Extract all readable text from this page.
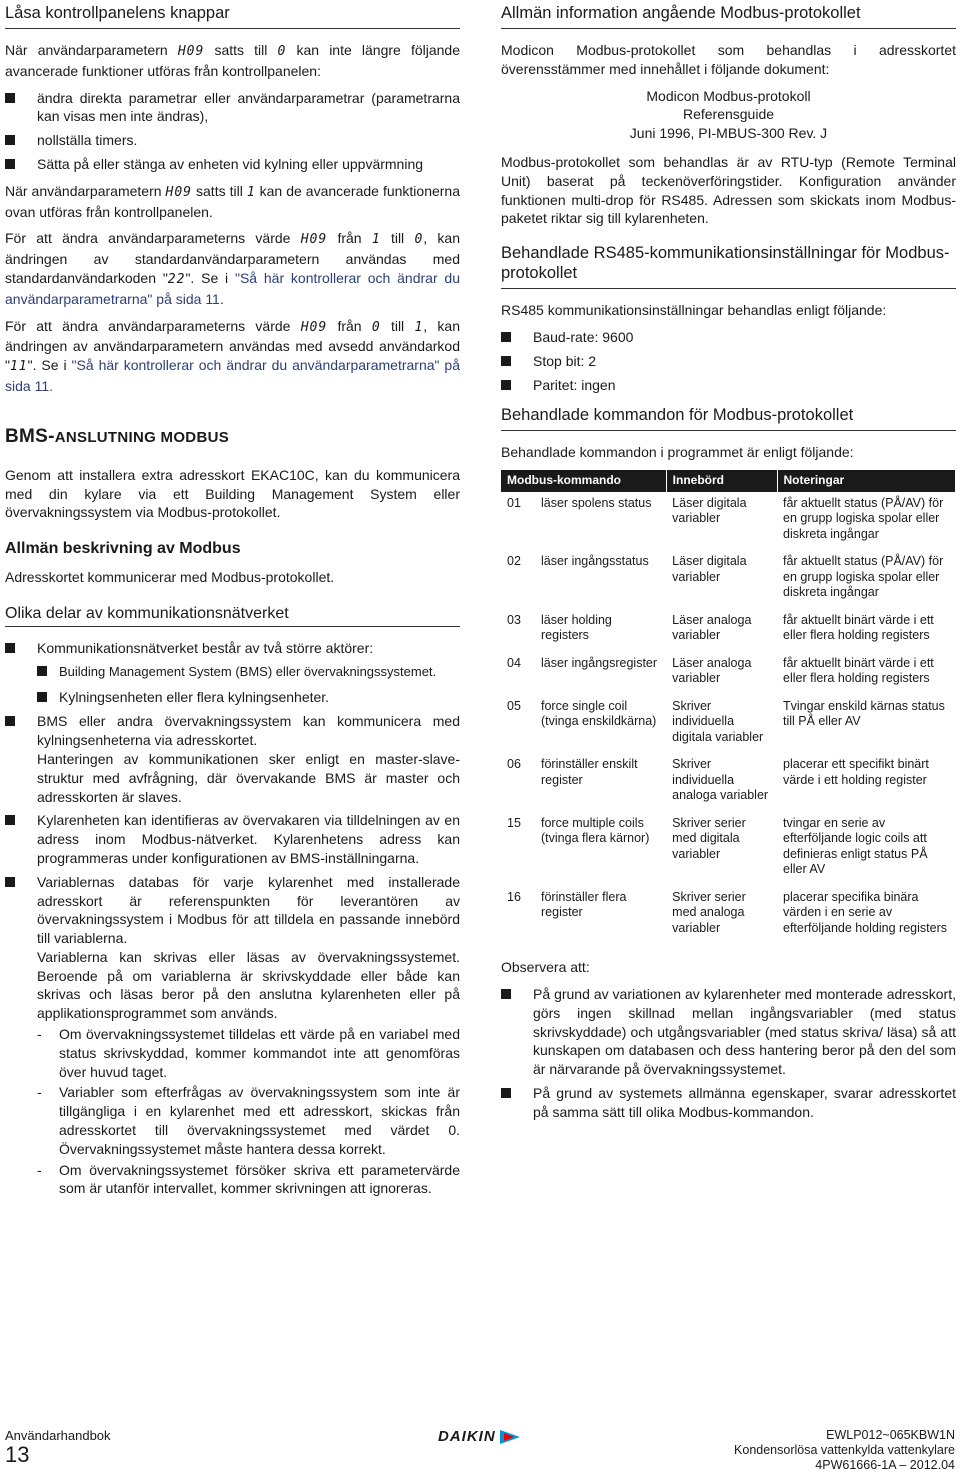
Låsa kontrollpanelens knappar

När användarparametern H09 satts till 0 kan inte längre följande avancerade funktioner utföras från kontrollpanelen:

ändra direkta parametrar eller användarparametrar (parametrarna kan visas men inte ändras),
nollställa timers.
Sätta på eller stänga av enheten vid kylning eller uppvärmning

När användarparametern H09 satts till 1 kan de avancerade funktionerna ovan utföras från kontrollpanelen.

För att ändra användarparameterns värde H09 från 1 till 0, kan ändringen av standardanvändarparametern användas med standardanvändarkoden "22". Se i "Så här kontrollerar och ändrar du användarparametrarna" på sida 11.

För att ändra användarparameterns värde H09 från 0 till 1, kan ändringen av användarparametern användas med avsedd användarkod "11". Se i "Så här kontrollerar och ändrar du användarparametrarna" på sida 11.

BMS-ANSLUTNING MODBUS

Genom att installera extra adresskort EKAC10C, kan du kommunicera med din kylare via ett Building Management System eller övervakningssystem via Modbus-protokollet.

Allmän beskrivning av Modbus

Adresskortet kommunicerar med Modbus-protokollet.

Olika delar av kommunikationsnätverket
Kommunikationsnätverket består av två större aktörer:
Building Management System (BMS) eller övervakningssystemet.
Kylningsenheten eller flera kylningsenheter.
BMS eller andra övervakningssystem kan kommunicera med kylningsenheterna via adresskortet.
Hanteringen av kommunikationen sker enligt en master-slave-struktur med avfrågning, där övervakande BMS är master och adresskorten är slaves.
Kylarenheten kan identifieras av övervakaren via tilldelningen av en adress inom Modbus-nätverket. Kylarenhetens adress kan programmeras under konfigurationen av BMS-inställningarna.
Variablernas databas för varje kylarenhet med installerade adresskort är referenspunkten för leverantören av övervakningssystem i Modbus för att tilldela en passande innebörd till variablerna.
Variablerna kan skrivas eller läsas av övervakningssystemet. Beroende på om variablerna är skrivskyddade eller både kan skrivas och läsas beror på den anslutna kylarenheten eller på applikationsprogrammet som används.
- Om övervakningssystemet tilldelas ett värde på en variabel med status skrivskyddad, kommer kommandot inte att genomföras över huvud taget.
- Variabler som efterfrågas av övervakningssystem som inte är tillgängliga i en kylarenhet med ett adresskort, skickas från adresskortet till övervakningssystemet med värdet 0. Övervakningssystemet måste hantera dessa korrekt.
- Om övervakningssystemet försöker skriva ett parametervärde som är utanför intervallet, kommer skrivningen att ignoreras.
Allmän information angående Modbus-protokollet

Modicon Modbus-protokollet som behandlas i adresskortet överensstämmer med innehållet i följande dokument:

Modicon Modbus-protokoll
Referensguide
Juni 1996, PI-MBUS-300 Rev. J

Modbus-protokollet som behandlas är av RTU-typ (Remote Terminal Unit) baserat på teckenöverföringstider. Konfiguration använder funktionen multi-drop för RS485. Adressen som skickats inom Modbus-paketet riktar sig till kylarenheten.

Behandlade RS485-kommunikationsinställningar för Modbus-protokollet

RS485 kommunikationsinställningar behandlas enligt följande:

Baud-rate: 9600
Stop bit: 2
Paritet: ingen
Behandlade kommandon för Modbus-protokollet

Behandlade kommandon i programmet är enligt följande:

Modbus-kommando		Innebörd	Noteringar
01	läser spolens status	Läser digitala variabler	får aktuellt status (PÅ/AV) för en grupp logiska spolar eller diskreta ingångar
02	läser ingångsstatus	Läser digitala variabler	får aktuellt status (PÅ/AV) för en grupp logiska spolar eller diskreta ingångar
03	läser holding registers	Läser analoga variabler	får aktuellt binärt värde i ett eller flera holding registers
04	läser ingångsregister	Läser analoga variabler	får aktuellt binärt värde i ett eller flera holding registers
05	force single coil (tvinga enskildkärna)	Skriver individuella digitala variabler	Tvingar enskild kärnas status till PÅ eller AV
06	förinställer enskilt register	Skriver individuella analoga variabler	placerar ett specifikt binärt värde i ett holding register
15	force multiple coils (tvinga flera kärnor)	Skriver serier med digitala variabler	tvingar en serie av efterföljande logic coils att definieras enligt status PÅ eller AV
16	förinställer flera register	Skriver serier med analoga variabler	placerar specifika binära värden i en serie av efterföljande holding registers

Observera att:

På grund av variationen av kylarenheter med monterade adresskort, görs ingen skillnad mellan ingångsvariabler (med status skrivskyddade) och utgångsvariabler (med status skriva/ läsa) så att kunskapen om databasen och dess hantering beror på den del som är närvarande på övervakningssystemet.
På grund av systemets allmänna egenskaper, svarar adresskortet på samma sätt till olika Modbus-kommandon.
Användarhandbok
13
DAIKIN	EWLP012~065KBW1N
Kondensorlösa vattenkylda vattenkylare
4PW61666-1A – 2012.04
